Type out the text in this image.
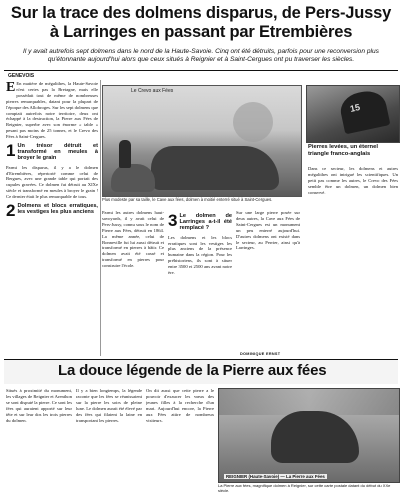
Sur la trace des dolmens disparus, de Pers-Jussy
à Larringes en passant par Etrembières
Il y avait autrefois sept dolmens dans le nord de la Haute-Savoie. Cinq ont été détruits, parfois pour une reconversion plus qu'étonnante aujourd'hui alors que ceux situés à Reignier et à Saint-Cergues ont pu traverser les siècles.
GENEVOIS

E En matière de mégalithes, la Haute-Savoie n'est certes pas la Bretagne, mais elle possédait tout de même de nombreuses pierres remarquables, datant pour la plupart de l'époque des Allobroges. Sur les sept dolmens que comptait autrefois notre territoire, deux ont échappé à la destruction, la Pierre aux Fées de Reignier, superbe avec son énorme « table » pesant pas moins de 25 tonnes, et le Crevo des Fées à Saint-Cergues.

1 Un trésor détruit et transformé en meules à broyer le grain

Parmi les disparus, il y a le dolmen d'Etrembières, répertorié comme celui de Bergues, avec une grande table qui portait des cupules gravées. Ce dolmen fut détruit au XIXe siècle et transformé en meules à broyer le grain ! Ce dernier était le plus remarquable de tous.

2 Dolmens et blocs erratiques, les vestiges les plus anciens
Le Crevo aux Fées
Plus modeste par sa taille, le Cave aux fées, dolmen à moitié enterré situé à Saint-Cergues.
15
Pierres levées, un éternel triangle franco-anglais

Dans ce secteur, les dolmens et autres mégalithes ont intrigué les scientifiques. Un petit pas comme les autres, le Crevo des Fées semble être un dolmen, un dolmen bien conservé.

Parmi les autres dolmens haut-savoyards, il y avait celui de Pers-Jussy, connu sous le nom de Pierre aux Fées, détruit en 1864. La même année, celui de Bonneville fut lui aussi détruit et transformé en pierres à bâtir. Ce dolmen avait été cassé et transformé en pierres pour construire l'école.

3 Le dolmen de Larringes a-t-il été remplacé ?

Les dolmens et les blocs erratiques sont les vestiges les plus anciens de la présence humaine dans la région. Pour les préhistoriens, ils sont à situer entre 3500 et 2500 ans avant notre ère.

Sur une large pierre posée sur deux autres, la Cave aux Fées de Saint-Cergues est un monument un peu enterré aujourd'hui. D'autres dolmens ont existé dans le secteur, au Perrier, ainsi qu'à Larringes.

DOMINIQUE ERNST
La douce légende de la Pierre aux fées

Situés à proximité du monument, les villages de Reignier et Arenthon se sont disputé la pierre. Ce sont les fées qui auraient apporté sur leur tête et sur leur dos les trois pierres du dolmen.

Il y a bien longtemps, la légende raconte que les fées se réunissaient sur la pierre les soirs de pleine lune. Le dolmen aurait été élevé par des fées qui filaient la laine en transportant les pierres.

On dit aussi que cette pierre a le pouvoir d'exaucer les vœux des jeunes filles à la recherche d'un mari. Aujourd'hui encore, la Pierre aux Fées attire de nombreux visiteurs.

REIGNIER (Haute-Savoie) — La Pierre aux Fées
La Pierre aux fées, magnifique dolmen à Reignier, sur cette carte postale datant du début du XXe siècle.
